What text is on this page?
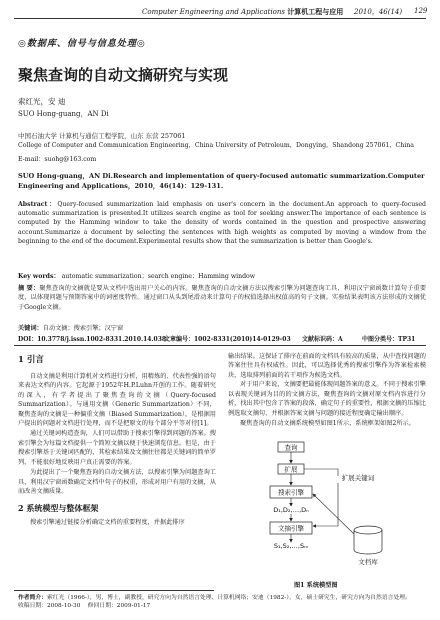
Computer Engineering and Applications 计算机工程与应用 2010，46(14) 129
◎数据库、信号与信息处理◎
聚焦查询的自动文摘研究与实现
索红光，安 迪
SUO Hong-guang，AN Di
中国石油大学 计算机与通信工程学院，山东 东营 257061
College of Computer and Communication Engineering，China University of Petroleum，Dongying，Shandong 257061，China
E-mail：suohg@163.com
SUO Hong-guang，AN Di.Research and implementation of query-focused automatic summarization.Computer Engineering and Applications，2010，46(14)：129-131.
Abstract：Query-focused summarization laid emphasis on user's concern in the document.An approach to query-focused automatic summarization is presented.It utilizes search engine as tool for seeking answer.The importance of each sentence is computed by the Hamming window to take the density of words contained in the question and prospective answering account.Summarize a document by selecting the sentences with high weights as computed by moving a window from the beginning to the end of the document.Experimental results show that the summarization is better than Google's.
Key words： automatic summarization；search engine；Hamming window
摘 要：聚焦查询的文摘就是要从文档中选出用户关心的内容。聚焦查询的自动文摘方法以搜索引擎为问题查询工具，利用汉宁窗函数计算句子重要度，以体现问题与预期答案中的词密度特性。通过窗口从头到尾滑动来计算句子的权值选择出权值高的句子文摘。实验结果表明该方法形成的文摘优于Google文摘。
关键词：自动文摘；搜索引擎；汉宁窗
DOI：10.3778/j.issn.1002-8331.2010.14.038
文章编号：1002-8331(2010)14-0129-03 文献标识码：A	中图分类号：TP31
1 引言

自动文摘是利用计算机对文档进行分析，用精炼的、代表性强的语句来表达文档的内容。它起源于1952年H.P.Luhn开创的工作。随着研究的深入，有学者提出了聚焦查询的文摘（Query-focused Summarization）。与通用文摘（Generic Summarization）不同，聚焦查询的文摘是一种偏重文摘（Biased Summarization），是根据用户提出的问题对文档进行处理，而不是把原文的每个部分平等对待[1]。

通过关键词构造查询，人们可以借助于搜索引擎得到问题的答案。搜索引擎会为每篇文档提供一个简短文摘以便于快速浏览信息。但是，由于搜索引擎基于关键词匹配的，其检索结果及文摘往往都是关键词的简单罗列，不能很好地反映用户真正需要的答案。

为此提出了一个聚焦查询的自动文摘方法，以搜索引擎为问题查询工具，利用汉宁窗函数确定文档中句子的权重，形成对用户有用的文摘，从而改善文摘质量。

2 系统模型与整体框架

搜索引擎通过链接分析确定文档的重要程度，并据此排序

输出结果。这保证了排序在前面的文档具有较高的质量，从中查找问题的答案往往具有权威性。因此，可以选择优秀的搜索引擎作为答案检索模块，选取排列前面的若干项作为候选文档。

对于用户来说，文摘要把最能体现问题答案的意义。不同于搜索引擎以表现关键词为目的的文摘方法，聚焦查询的文摘对原文档内容进行分析，找出其中包含了答案的段落，确定句子的重要性，根据文摘的压缩比例选取文摘句，并根据答案文摘与问题的接近程度确定输出顺序。

聚焦查询的自动文摘系统模型如图1所示，系统框架如图2所示。

查询
扩展
搜索引擎
D₁,D₂,…,Dₙ
扩展关键词
文摘引擎
S₁,S₂,…,Sₘ
文档库
图1 系统模型图
作者简介：索红光（1966-），男，博士，副教授，研究方向为自然语言处理、计算机网络；安迪（1982-），女，硕士研究生，研究方向为自然语言处理。
收稿日期：2008-10-30 修回日期：2009-01-17
